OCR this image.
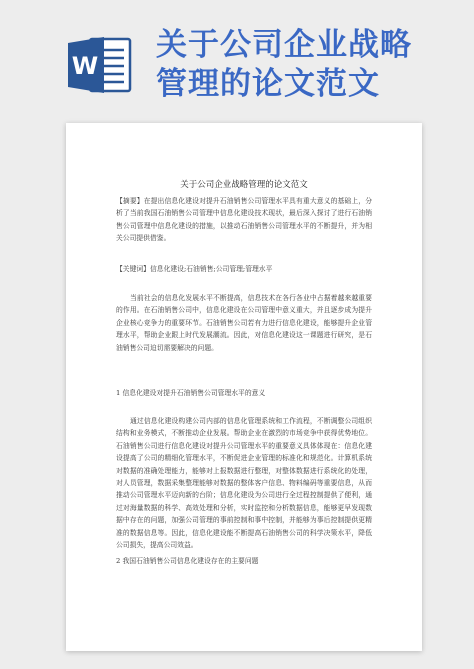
W
关于公司企业战略
管理的论文范文
关于公司企业战略管理的论文范文
【摘要】在提出信息化建设对提升石油销售公司管理水平具有重大意义的基础上，分析了当前我国石油销售公司管理中信息化建设技术现状，最后深入探讨了进行石油销售公司管理中信息化建设的措施，以推动石油销售公司管理水平的不断提升，并为相关公司提供借鉴。
【关键词】信息化建设;石油销售;公司管理;管理水平
当前社会的信息化发展水平不断提高，信息技术在各行各业中占据着越来越重要的作用。在石油销售公司中，信息化建设在公司管理中意义重大，并且逐步成为提升企业核心竞争力的重要环节。石油销售公司若有力进行信息化建设，能够提升企业管理水平，帮助企业跟上时代发展潮流。因此，对信息化建设这一课题进行研究，是石油销售公司迫切需要解决的问题。
1 信息化建设对提升石油销售公司管理水平的意义
通过信息化建设构建公司内部的信息化管理系统和工作流程，不断调整公司组织结构和业务模式，不断推动企业发展。帮助企业在激烈的市场竞争中获得优势地位。石油销售公司进行信息化建设对提升公司管理水平的重要意义具体体现在：信息化建设提高了公司的精细化管理水平，不断促进企业管理的标准化和规范化。计算机系统对数据的准确处理能力，能够对上报数据进行整理，对整体数据进行系统化的处理，对人员管理，数据采集整理能够对数据的整体客户信息、物料编码等重要信息，从而推动公司管理水平迈向新的台阶；信息化建设为公司进行全过程控制提供了便利，通过对海量数据的科学、高效处理和分析，实时监控和分析数据信息，能够更早发现数据中存在的问题，加强公司管理的事前控制和事中控制，并能够为事后控制提供更精准的数据信息等。因此，信息化建设能不断提高石油销售公司的科学决策水平，降低公司损失，提高公司效益。
2 我国石油销售公司信息化建设存在的主要问题
